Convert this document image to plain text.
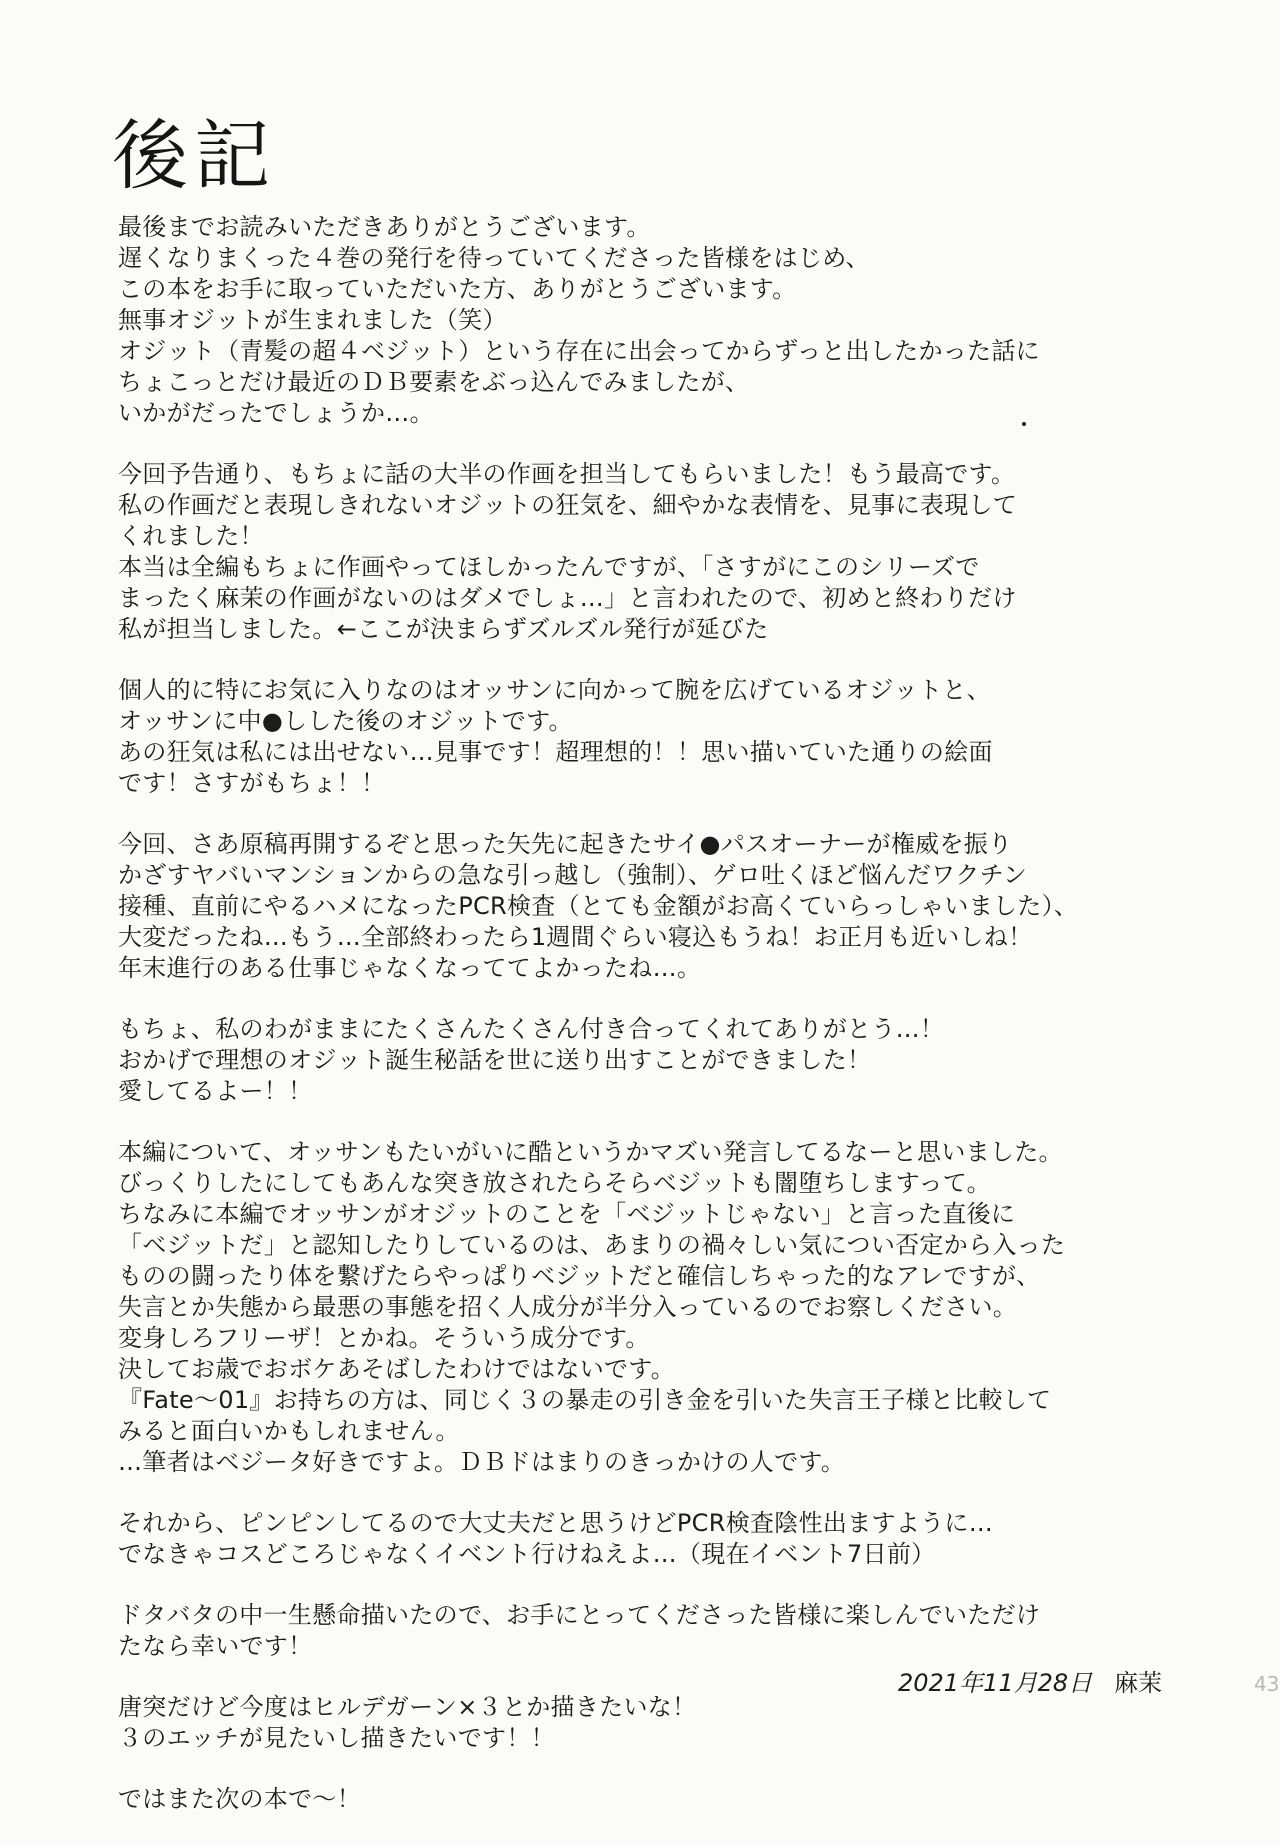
後記
最後までお読みいただきありがとうございます。
遅くなりまくった４巻の発行を待っていてくださった皆様をはじめ、
この本をお手に取っていただいた方、ありがとうございます。
無事オジットが生まれました（笑）
オジット（青髪の超４ベジット）という存在に出会ってからずっと出したかった話に
ちょこっとだけ最近のＤＢ要素をぶっ込んでみましたが、
いかがだったでしょうか…。
今回予告通り、もちょに話の大半の作画を担当してもらいました！もう最高です。
私の作画だと表現しきれないオジットの狂気を、細やかな表情を、見事に表現して
くれました！
本当は全編もちょに作画やってほしかったんですが、「さすがにこのシリーズで
まったく麻茉の作画がないのはダメでしょ…」と言われたので、初めと終わりだけ
私が担当しました。←ここが決まらずズルズル発行が延びた
個人的に特にお気に入りなのはオッサンに向かって腕を広げているオジットと、
オッサンに中●しした後のオジットです。
あの狂気は私には出せない…見事です！超理想的！！思い描いていた通りの絵面
です！さすがもちょ！！
今回、さあ原稿再開するぞと思った矢先に起きたサイ●パスオーナーが権威を振り
かざすヤバいマンションからの急な引っ越し（強制）、ゲロ吐くほど悩んだワクチン
接種、直前にやるハメになったPCR検査（とても金額がお高くていらっしゃいました）、
大変だったね…もう…全部終わったら1週間ぐらい寝込もうね！お正月も近いしね！
年末進行のある仕事じゃなくなっててよかったね…。
もちょ、私のわがままにたくさんたくさん付き合ってくれてありがとう…！
おかげで理想のオジット誕生秘話を世に送り出すことができました！
愛してるよー！！
本編について、オッサンもたいがいに酷というかマズい発言してるなーと思いました。
びっくりしたにしてもあんな突き放されたらそらベジットも闇堕ちしますって。
ちなみに本編でオッサンがオジットのことを「ベジットじゃない」と言った直後に
「ベジットだ」と認知したりしているのは、あまりの禍々しい気につい否定から入った
ものの闘ったり体を繋げたらやっぱりベジットだと確信しちゃった的なアレですが、
失言とか失態から最悪の事態を招く人成分が半分入っているのでお察しください。
変身しろフリーザ！とかね。そういう成分です。
決してお歳でおボケあそばしたわけではないです。
『Fate～01』お持ちの方は、同じく３の暴走の引き金を引いた失言王子様と比較して
みると面白いかもしれません。
…筆者はベジータ好きですよ。ＤＢドはまりのきっかけの人です。
それから、ピンピンしてるので大丈夫だと思うけどPCR検査陰性出ますように…
でなきゃコスどころじゃなくイベント行けねえよ…（現在イベント7日前）
ドタバタの中一生懸命描いたので、お手にとってくださった皆様に楽しんでいただけ
たなら幸いです！
唐突だけど今度はヒルデガーン×３とか描きたいな！
３のエッチが見たいし描きたいです！！
ではまた次の本で～！
2021年11月28日 麻茉	43
